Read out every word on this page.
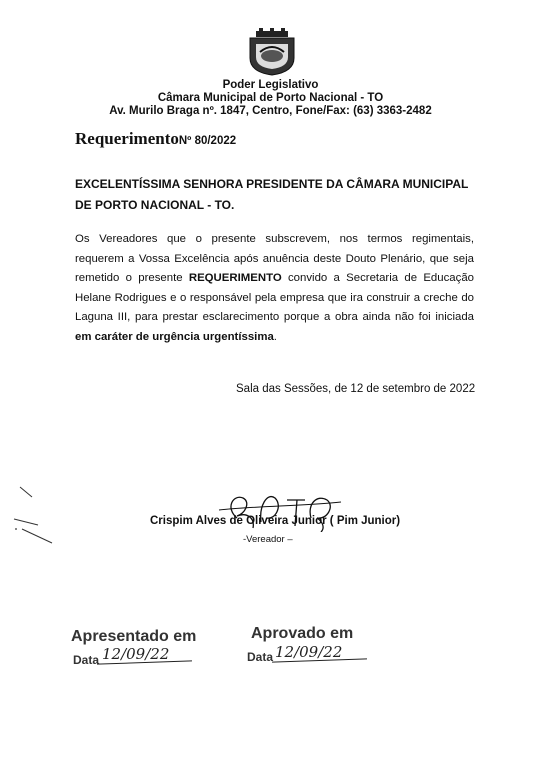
Poder Legislativo
Câmara Municipal de Porto Nacional - TO
Av. Murilo Braga nº. 1847, Centro, Fone/Fax: (63) 3363-2482
RequerimentoNº 80/2022
EXCELENTÍSSIMA SENHORA PRESIDENTE DA CÂMARA MUNICIPAL DE PORTO NACIONAL - TO.
Os Vereadores que o presente subscrevem, nos termos regimentais, requerem a Vossa Excelência após anuência deste Douto Plenário, que seja remetido o presente REQUERIMENTO convido a Secretaria de Educação Helane Rodrigues e o responsável pela empresa que ira construir a creche do Laguna III, para prestar esclarecimento porque a obra ainda não foi iniciada em caráter de urgência urgentíssima.
Sala das Sessões, de 12 de setembro de 2022
Crispim Alves de Oliveira Junior ( Pim Junior)
-Vereador –
Apresentado em
Data 12/09/22
Aprovado em
Data 12/09/22
